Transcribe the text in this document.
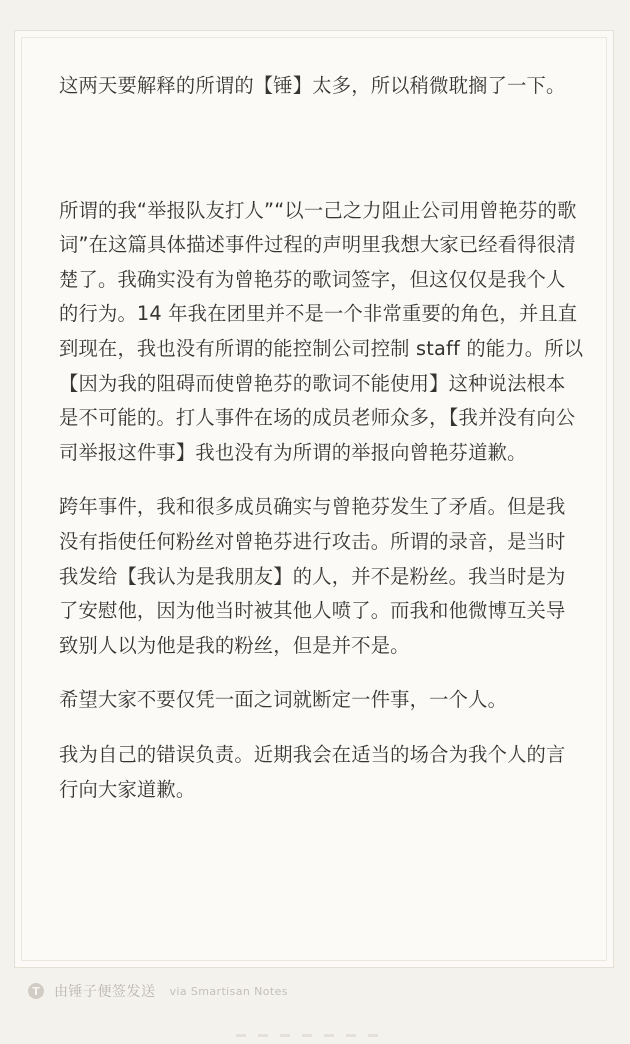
这两天要解释的所谓的【锤】太多，所以稍微耽搁了一下。

所谓的我“举报队友打人”“以一己之力阻止公司用曾艳芬的歌词”在这篇具体描述事件过程的声明里我想大家已经看得很清楚了。我确实没有为曾艳芬的歌词签字，但这仅仅是我个人的行为。14 年我在团里并不是一个非常重要的角色，并且直到现在，我也没有所谓的能控制公司控制 staff 的能力。所以【因为我的阻碍而使曾艳芬的歌词不能使用】这种说法根本是不可能的。打人事件在场的成员老师众多，【我并没有向公司举报这件事】我也没有为所谓的举报向曾艳芬道歉。

跨年事件，我和很多成员确实与曾艳芬发生了矛盾。但是我没有指使任何粉丝对曾艳芬进行攻击。所谓的录音，是当时我发给【我认为是我朋友】的人，并不是粉丝。我当时是为了安慰他，因为他当时被其他人喷了。而我和他微博互关导致别人以为他是我的粉丝，但是并不是。

希望大家不要仅凭一面之词就断定一件事，一个人。

我为自己的错误负责。近期我会在适当的场合为我个人的言行向大家道歉。

T	由锤子便签发送 via Smartisan Notes
